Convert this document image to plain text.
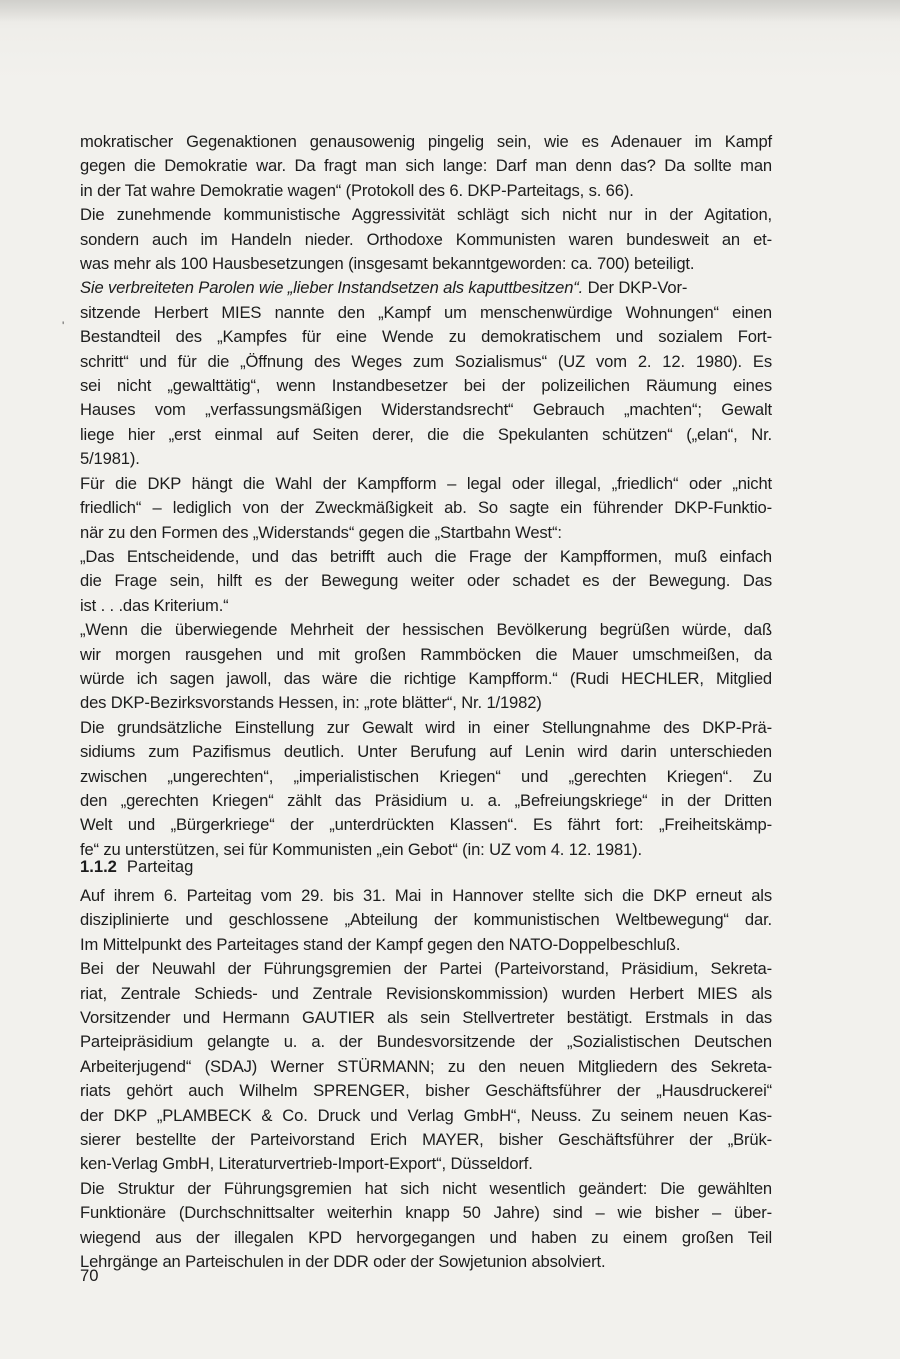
'
mokratischer Gegenaktionen genausowenig pingelig sein, wie es Adenauer im Kampf
gegen die Demokratie war. Da fragt man sich lange: Darf man denn das? Da sollte man
in der Tat wahre Demokratie wagen“ (Protokoll des 6. DKP-Parteitags, s. 66).
Die zunehmende kommunistische Aggressivität schlägt sich nicht nur in der Agitation,
sondern auch im Handeln nieder. Orthodoxe Kommunisten waren bundesweit an et-
was mehr als 100 Hausbesetzungen (insgesamt bekanntgeworden: ca. 700) beteiligt.
Sie verbreiteten Parolen wie „lieber Instandsetzen als kaputtbesitzen“. Der DKP-Vor-
sitzende Herbert MIES nannte den „Kampf um menschenwürdige Wohnungen“ einen
Bestandteil des „Kampfes für eine Wende zu demokratischem und sozialem Fort-
schritt“ und für die „Öffnung des Weges zum Sozialismus“ (UZ vom 2. 12. 1980). Es
sei nicht „gewalttätig“, wenn Instandbesetzer bei der polizeilichen Räumung eines
Hauses vom „verfassungsmäßigen Widerstandsrecht“ Gebrauch „machten“; Gewalt
liege hier „erst einmal auf Seiten derer, die die Spekulanten schützen“ („elan“, Nr.
5/1981).
Für die DKP hängt die Wahl der Kampfform – legal oder illegal, „friedlich“ oder „nicht
friedlich“ – lediglich von der Zweckmäßigkeit ab. So sagte ein führender DKP-Funktio-
när zu den Formen des „Widerstands“ gegen die „Startbahn West“:
„Das Entscheidende, und das betrifft auch die Frage der Kampfformen, muß einfach
die Frage sein, hilft es der Bewegung weiter oder schadet es der Bewegung. Das
ist . . .das Kriterium.“
„Wenn die überwiegende Mehrheit der hessischen Bevölkerung begrüßen würde, daß
wir morgen rausgehen und mit großen Rammböcken die Mauer umschmeißen, da
würde ich sagen jawoll, das wäre die richtige Kampfform.“ (Rudi HECHLER, Mitglied
des DKP-Bezirksvorstands Hessen, in: „rote blätter“, Nr. 1/1982)
Die grundsätzliche Einstellung zur Gewalt wird in einer Stellungnahme des DKP-Prä-
sidiums zum Pazifismus deutlich. Unter Berufung auf Lenin wird darin unterschieden
zwischen „ungerechten“, „imperialistischen Kriegen“ und „gerechten Kriegen“. Zu
den „gerechten Kriegen“ zählt das Präsidium u. a. „Befreiungskriege“ in der Dritten
Welt und „Bürgerkriege“ der „unterdrückten Klassen“. Es fährt fort: „Freiheitskämp-
fe“ zu unterstützen, sei für Kommunisten „ein Gebot“ (in: UZ vom 4. 12. 1981).
1.1.2 Parteitag
Auf ihrem 6. Parteitag vom 29. bis 31. Mai in Hannover stellte sich die DKP erneut als
disziplinierte und geschlossene „Abteilung der kommunistischen Weltbewegung“ dar.
Im Mittelpunkt des Parteitages stand der Kampf gegen den NATO-Doppelbeschluß.
Bei der Neuwahl der Führungsgremien der Partei (Parteivorstand, Präsidium, Sekreta-
riat, Zentrale Schieds- und Zentrale Revisionskommission) wurden Herbert MIES als
Vorsitzender und Hermann GAUTIER als sein Stellvertreter bestätigt. Erstmals in das
Parteipräsidium gelangte u. a. der Bundesvorsitzende der „Sozialistischen Deutschen
Arbeiterjugend“ (SDAJ) Werner STÜRMANN; zu den neuen Mitgliedern des Sekreta-
riats gehört auch Wilhelm SPRENGER, bisher Geschäftsführer der „Hausdruckerei“
der DKP „PLAMBECK & Co. Druck und Verlag GmbH“, Neuss. Zu seinem neuen Kas-
sierer bestellte der Parteivorstand Erich MAYER, bisher Geschäftsführer der „Brük-
ken-Verlag GmbH, Literaturvertrieb-Import-Export“, Düsseldorf.
Die Struktur der Führungsgremien hat sich nicht wesentlich geändert: Die gewählten
Funktionäre (Durchschnittsalter weiterhin knapp 50 Jahre) sind – wie bisher – über-
wiegend aus der illegalen KPD hervorgegangen und haben zu einem großen Teil
Lehrgänge an Parteischulen in der DDR oder der Sowjetunion absolviert.
70
